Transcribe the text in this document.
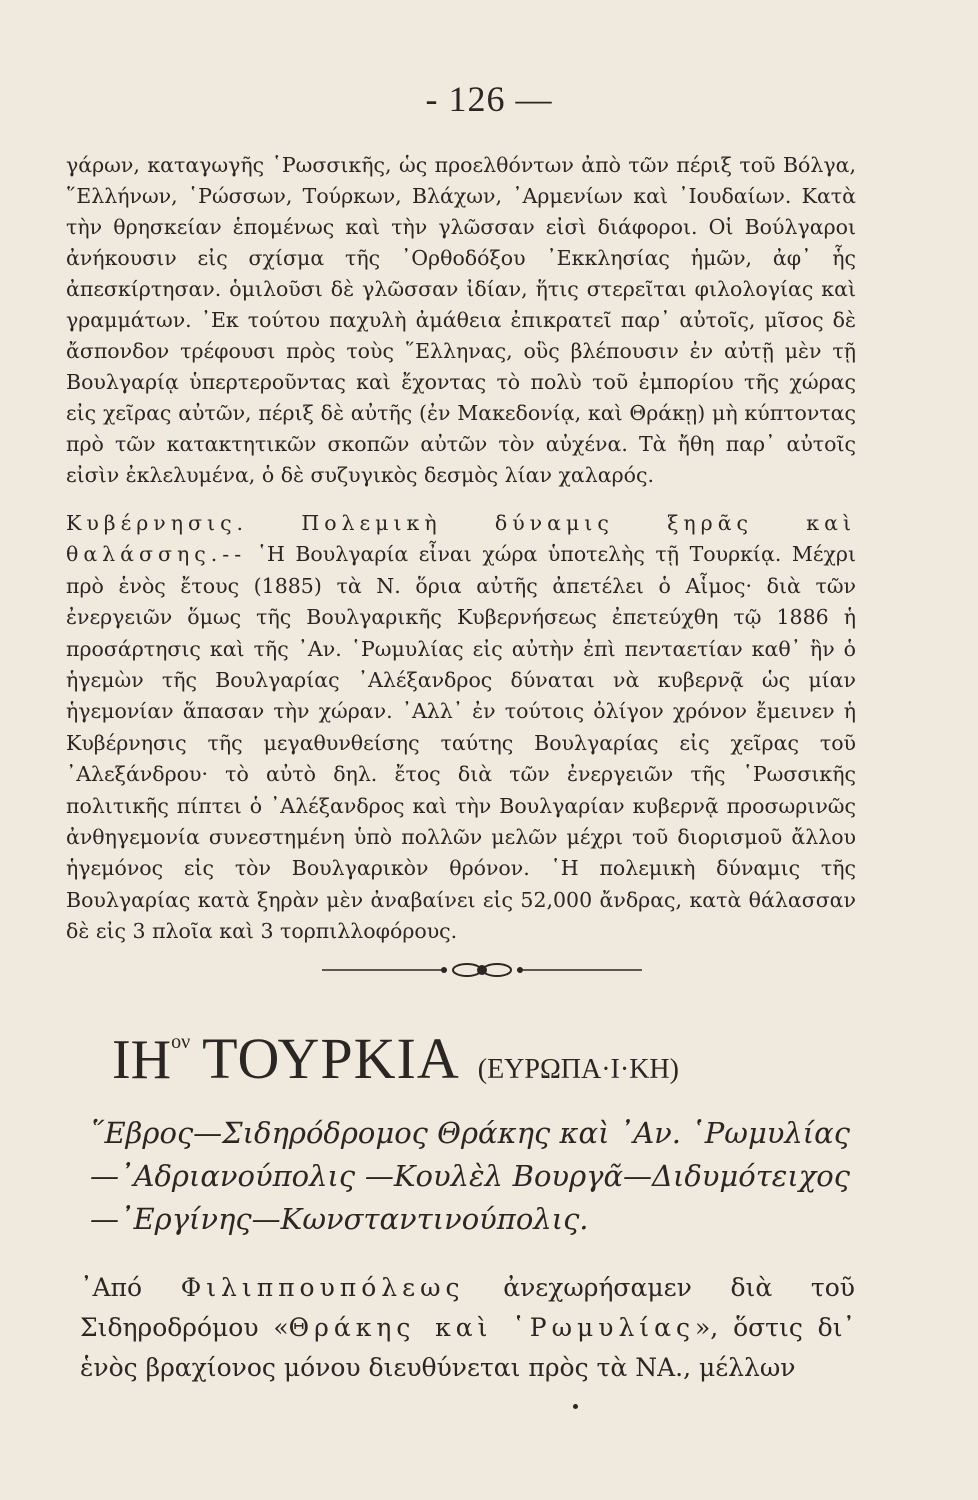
- 126 —

γάρων, καταγωγῆς ῾Ρωσσικῆς, ὡς προελθόντων ἀπὸ τῶν πέριξ τοῦ Βόλγα, ῞Ελλήνων, ῾Ρώσσων, Τούρκων, Βλάχων, ᾽Αρμενίων καὶ ᾽Ιουδαίων. Κατὰ τὴν θρησκείαν ἑπομένως καὶ τὴν γλῶσσαν εἰσὶ διάφοροι. Οἱ Βούλγαροι ἀνήκουσιν εἰς σχίσμα τῆς ᾽Ορθοδόξου ᾽Εκκλησίας ἡμῶν, ἀφ᾽ ἧς ἀπεσκίρτησαν. ὁμιλοῦσι δὲ γλῶσσαν ἰδίαν, ἥτις στερεῖται φιλολογίας καὶ γραμμάτων. ᾽Εκ τούτου παχυλὴ ἀμάθεια ἐπικρατεῖ παρ᾽ αὐτοῖς, μῖσος δὲ ἄσπονδον τρέφουσι πρὸς τοὺς ῞Ελληνας, οὓς βλέπουσιν ἐν αὐτῇ μὲν τῇ Βουλγαρίᾳ ὑπερτεροῦντας καὶ ἔχοντας τὸ πολὺ τοῦ ἐμπορίου τῆς χώρας εἰς χεῖρας αὐτῶν, πέριξ δὲ αὐτῆς (ἐν Μακεδονίᾳ, καὶ Θράκῃ) μὴ κύπτοντας πρὸ τῶν κατακτητικῶν σκοπῶν αὐτῶν τὸν αὐχένα. Τὰ ἤθη παρ᾽ αὐτοῖς εἰσὶν ἐκλελυμένα, ὁ δὲ συζυγικὸς δεσμὸς λίαν χαλαρός.

Κυβέρνησις. Πολεμικὴ δύναμις ξηρᾶς καὶ θαλάσσης.-- ῾Η Βουλγαρία εἶναι χώρα ὑποτελὴς τῇ Τουρκίᾳ. Μέχρι πρὸ ἑνὸς ἔτους (1885) τὰ Ν. ὅρια αὐτῆς ἀπετέλει ὁ Αἷμος· διὰ τῶν ἐνεργειῶν ὅμως τῆς Βουλγαρικῆς Κυβερνήσεως ἐπετεύχθη τῷ 1886 ἡ προσάρτησις καὶ τῆς ᾽Αν. ῾Ρωμυλίας εἰς αὐτὴν ἐπὶ πενταετίαν καθ᾽ ἣν ὁ ἡγεμὼν τῆς Βουλγαρίας ᾽Αλέξανδρος δύναται νὰ κυβερνᾷ ὡς μίαν ἡγεμονίαν ἅπασαν τὴν χώραν. ᾽Αλλ᾽ ἐν τούτοις ὀλίγον χρόνον ἔμεινεν ἡ Κυβέρνησις τῆς μεγαθυνθείσης ταύτης Βουλγαρίας εἰς χεῖρας τοῦ ᾽Αλεξάνδρου· τὸ αὐτὸ δηλ. ἔτος διὰ τῶν ἐνεργειῶν τῆς ῾Ρωσσικῆς πολιτικῆς πίπτει ὁ ᾽Αλέξανδρος καὶ τὴν Βουλγαρίαν κυβερνᾷ προσωρινῶς ἀνθηγεμονία συνεστημένη ὑπὸ πολλῶν μελῶν μέχρι τοῦ διορισμοῦ ἄλλου ἡγεμόνος εἰς τὸν Βουλγαρικὸν θρόνον. ῾Η πολεμικὴ δύναμις τῆς Βουλγαρίας κατὰ ξηρὰν μὲν ἀναβαίνει εἰς 52,000 ἄνδρας, κατὰ θάλασσαν δὲ εἰς 3 πλοῖα καὶ 3 τορπιλλοφόρους.

ΙΗον ΤΟΥΡΚΙΑ (ΕΥΡΩΠΑ·Ι·ΚΗ)

῞Εβρος—Σιδηρόδρομος Θράκης καὶ ᾽Αν. ῾Ρωμυλίας—᾽Αδριανούπολις —Κουλὲλ Βουργᾶ—Διδυμότειχος—᾽Εργίνης—Κωνσταντινούπολις.

᾽Από Φιλιππουπόλεως ἀνεχωρήσαμεν διὰ τοῦ Σιδηροδρόμου «Θράκης καὶ ῾Ρωμυλίας», ὅστις δι᾽ ἑνὸς βραχίονος μόνου διευθύνεται πρὸς τὰ ΝΑ., μέλλων
